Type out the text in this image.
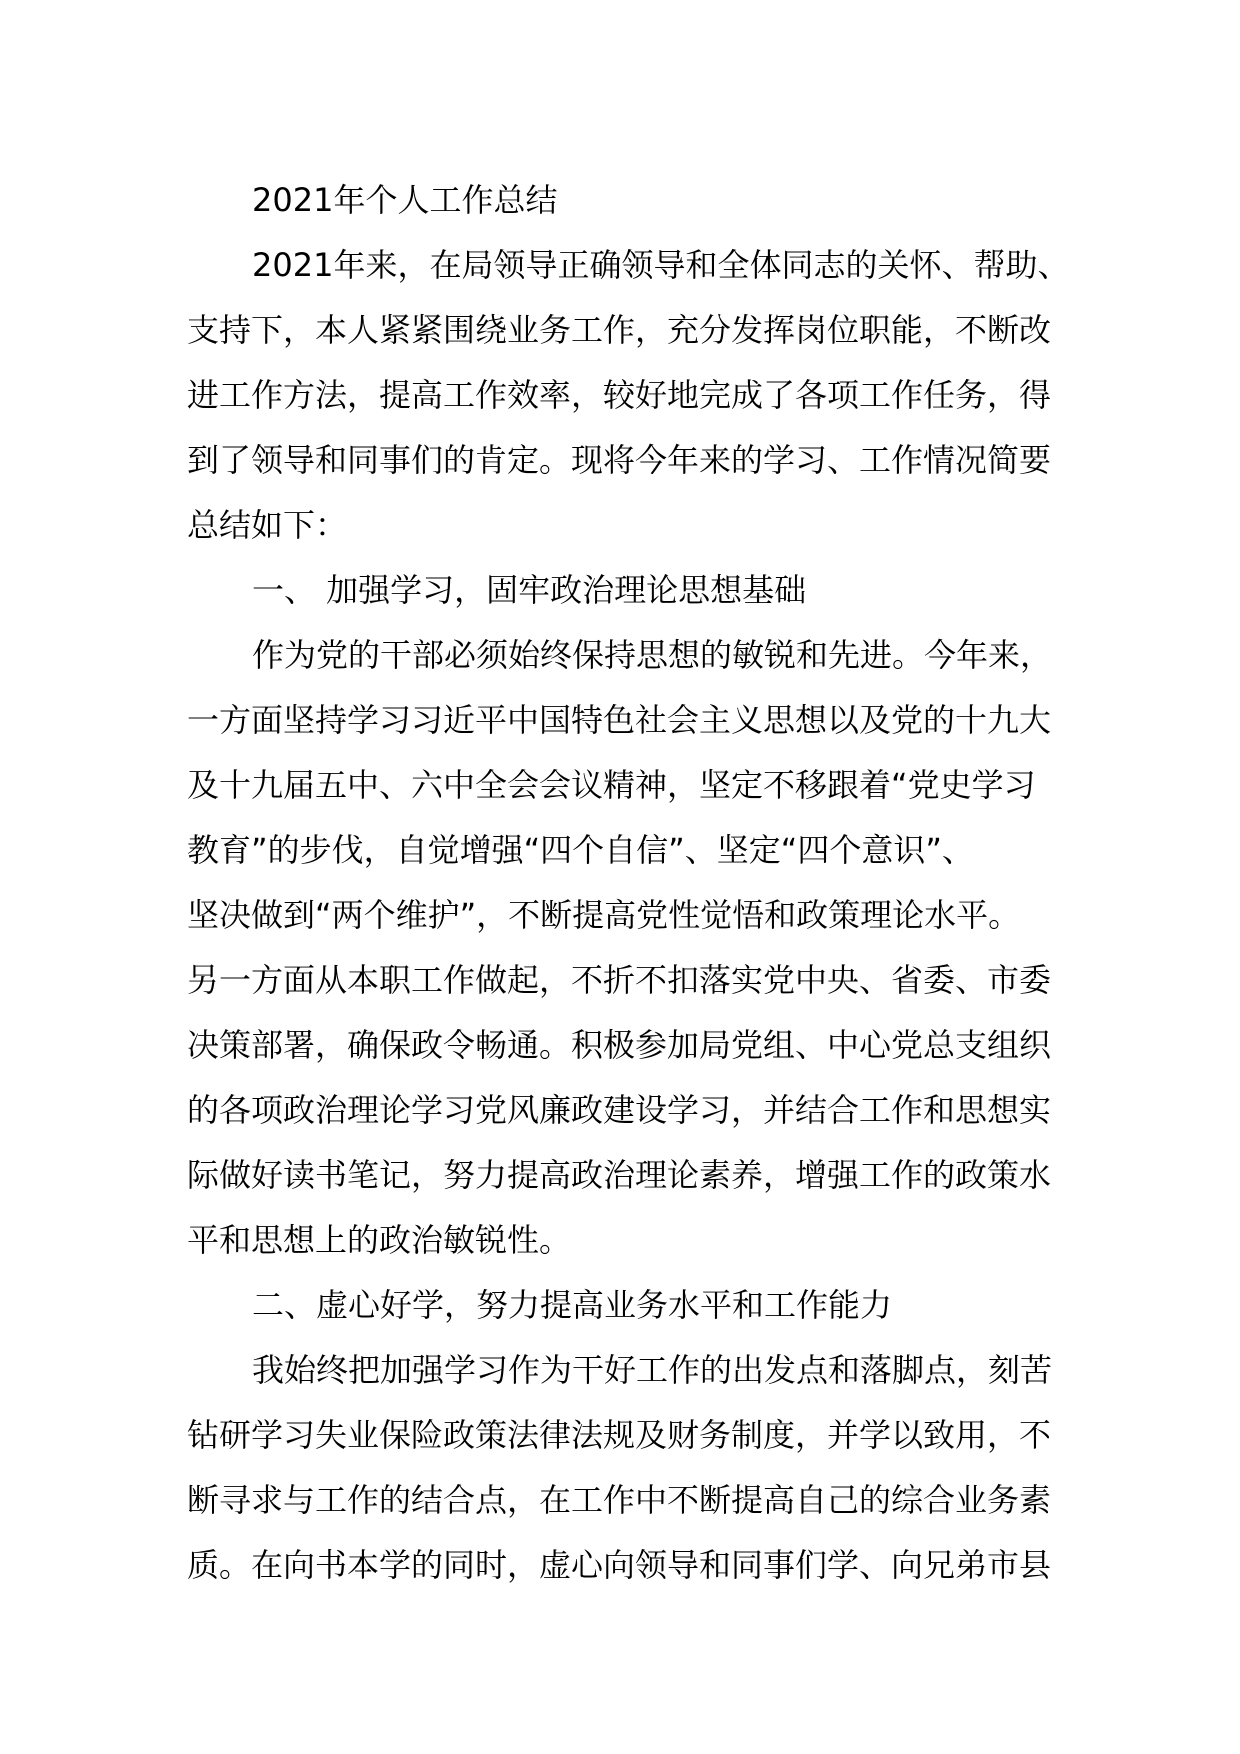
2021年个人工作总结
2021年来，在局领导正确领导和全体同志的关怀、帮助、
支持下，本人紧紧围绕业务工作，充分发挥岗位职能，不断改
进工作方法，提高工作效率，较好地完成了各项工作任务，得
到了领导和同事们的肯定。现将今年来的学习、工作情况简要
总结如下：
一、 加强学习，固牢政治理论思想基础
作为党的干部必须始终保持思想的敏锐和先进。今年来，
一方面坚持学习习近平中国特色社会主义思想以及党的十九大
及十九届五中、六中全会会议精神，坚定不移跟着“党史学习
教育”的步伐，自觉增强“四个自信”、坚定“四个意识”、
坚决做到“两个维护”，不断提高党性觉悟和政策理论水平。
另一方面从本职工作做起，不折不扣落实党中央、省委、市委
决策部署，确保政令畅通。积极参加局党组、中心党总支组织
的各项政治理论学习党风廉政建设学习，并结合工作和思想实
际做好读书笔记，努力提高政治理论素养，增强工作的政策水
平和思想上的政治敏锐性。
二、虚心好学，努力提高业务水平和工作能力
我始终把加强学习作为干好工作的出发点和落脚点，刻苦
钻研学习失业保险政策法律法规及财务制度，并学以致用，不
断寻求与工作的结合点，在工作中不断提高自己的综合业务素
质。在向书本学的同时，虚心向领导和同事们学、向兄弟市县
